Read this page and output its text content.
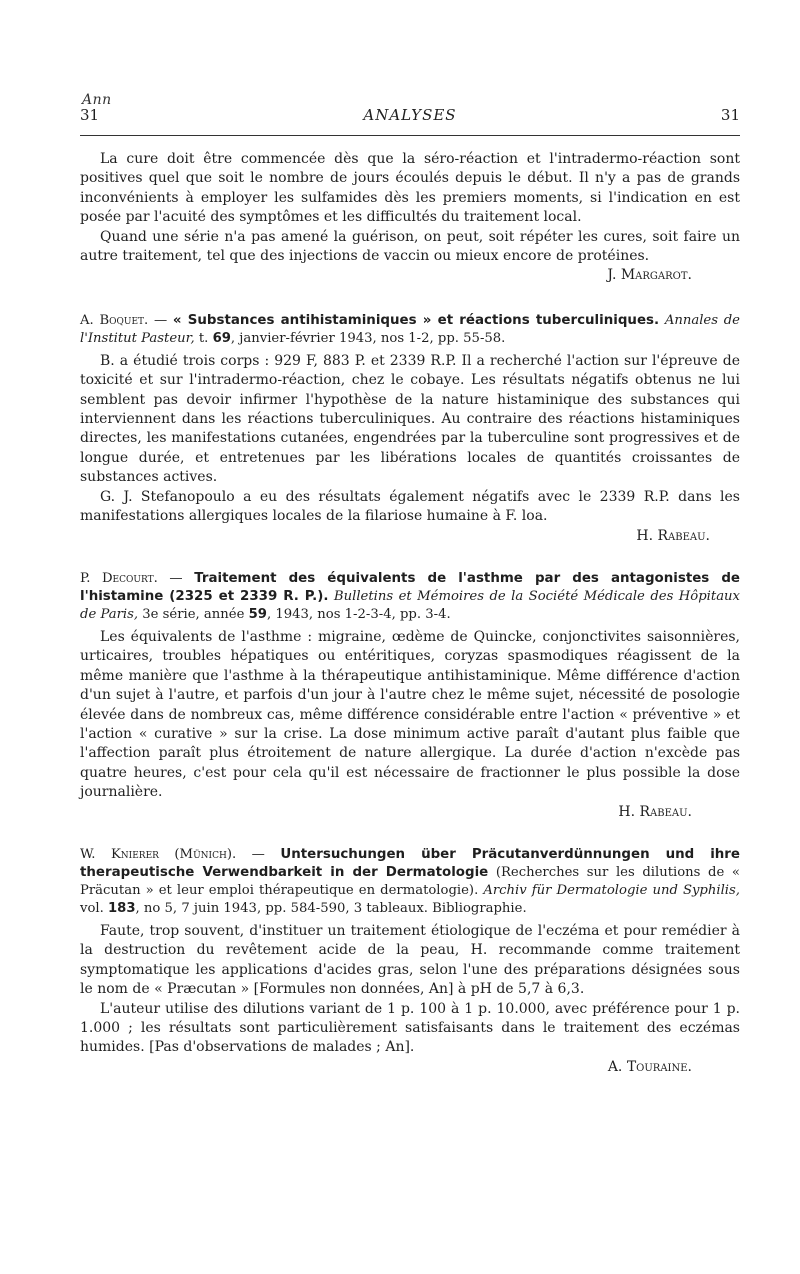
Ann
31	ANALYSES	31

La cure doit être commencée dès que la séro-réaction et l'intradermo-réaction sont positives quel que soit le nombre de jours écoulés depuis le début. Il n'y a pas de grands inconvénients à employer les sulfamides dès les premiers moments, si l'indication en est posée par l'acuité des symptômes et les difficultés du traitement local.

Quand une série n'a pas amené la guérison, on peut, soit répéter les cures, soit faire un autre traitement, tel que des injections de vaccin ou mieux encore de protéines.

J. Margarot.

A. Boquet. — « Substances antihistaminiques » et réactions tuberculiniques. Annales de l'Institut Pasteur, t. 69, janvier-février 1943, nos 1-2, pp. 55-58.

B. a étudié trois corps : 929 F, 883 P. et 2339 R.P. Il a recherché l'action sur l'épreuve de toxicité et sur l'intradermo-réaction, chez le cobaye. Les résultats négatifs obtenus ne lui semblent pas devoir infirmer l'hypothèse de la nature histaminique des substances qui interviennent dans les réactions tuberculiniques. Au contraire des réactions histaminiques directes, les manifestations cutanées, engendrées par la tuberculine sont progressives et de longue durée, et entretenues par les libérations locales de quantités croissantes de substances actives.

G. J. Stefanopoulo a eu des résultats également négatifs avec le 2339 R.P. dans les manifestations allergiques locales de la filariose humaine à F. loa.

H. Rabeau.

P. Decourt. — Traitement des équivalents de l'asthme par des antagonistes de l'histamine (2325 et 2339 R. P.). Bulletins et Mémoires de la Société Médicale des Hôpitaux de Paris, 3e série, année 59, 1943, nos 1-2-3-4, pp. 3-4.

Les équivalents de l'asthme : migraine, œdème de Quincke, conjonctivites saisonnières, urticaires, troubles hépatiques ou entéritiques, coryzas spasmodiques réagissent de la même manière que l'asthme à la thérapeutique antihistaminique. Même différence d'action d'un sujet à l'autre, et parfois d'un jour à l'autre chez le même sujet, nécessité de posologie élevée dans de nombreux cas, même différence considérable entre l'action « préventive » et l'action « curative » sur la crise. La dose minimum active paraît d'autant plus faible que l'affection paraît plus étroitement de nature allergique. La durée d'action n'excède pas quatre heures, c'est pour cela qu'il est nécessaire de fractionner le plus possible la dose journalière.

H. Rabeau.

W. Knierer (Münich). — Untersuchungen über Präcutanverdünnungen und ihre therapeutische Verwendbarkeit in der Dermatologie (Recherches sur les dilutions de « Präcutan » et leur emploi thérapeutique en dermatologie). Archiv für Dermatologie und Syphilis, vol. 183, no 5, 7 juin 1943, pp. 584-590, 3 tableaux. Bibliographie.

Faute, trop souvent, d'instituer un traitement étiologique de l'eczéma et pour remédier à la destruction du revêtement acide de la peau, H. recommande comme traitement symptomatique les applications d'acides gras, selon l'une des préparations désignées sous le nom de « Præcutan » [Formules non données, An] à pH de 5,7 à 6,3.

L'auteur utilise des dilutions variant de 1 p. 100 à 1 p. 10.000, avec préférence pour 1 p. 1.000 ; les résultats sont particulièrement satisfaisants dans le traitement des eczémas humides. [Pas d'observations de malades ; An].

A. Touraine.
